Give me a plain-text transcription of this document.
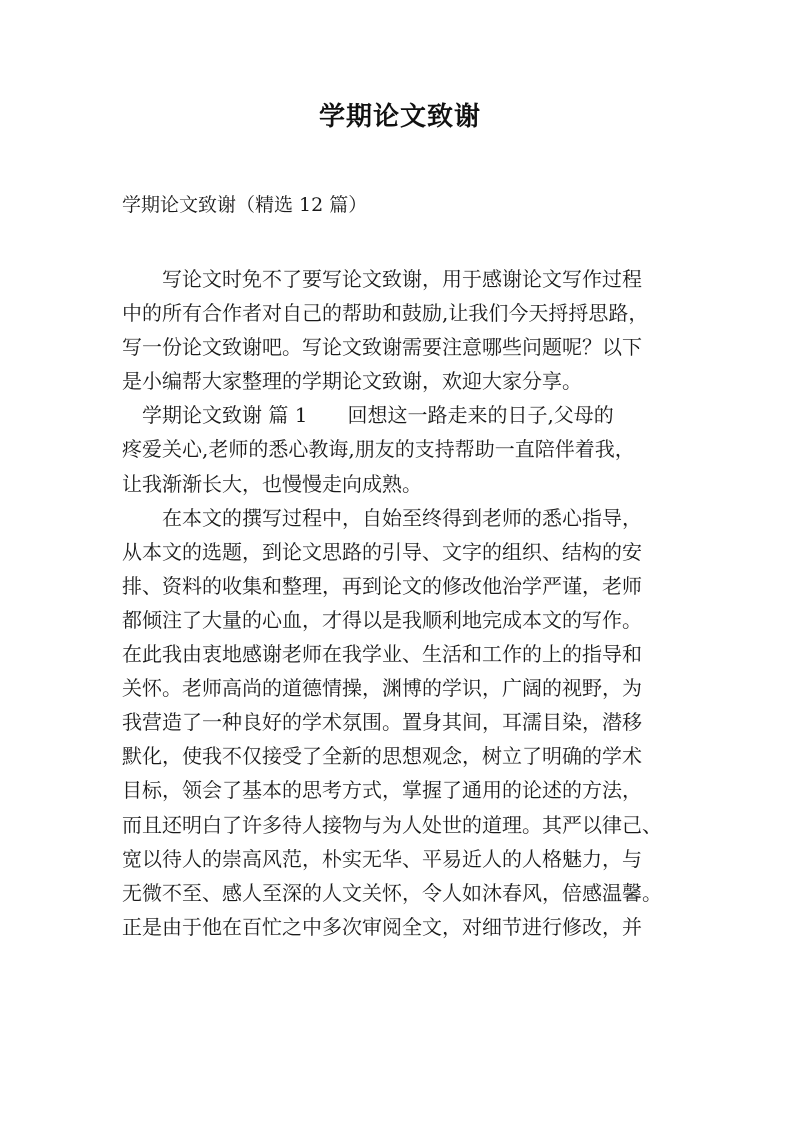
学期论文致谢
学期论文致谢（精选 12 篇）
　　写论文时免不了要写论文致谢，用于感谢论文写作过程
中的所有合作者对自己的帮助和鼓励,让我们今天捋捋思路，
写一份论文致谢吧。写论文致谢需要注意哪些问题呢？以下
是小编帮大家整理的学期论文致谢，欢迎大家分享。
　学期论文致谢 篇 1　　回想这一路走来的日子,父母的
疼爱关心,老师的悉心教诲,朋友的支持帮助一直陪伴着我，
让我渐渐长大，也慢慢走向成熟。
　　在本文的撰写过程中，自始至终得到老师的悉心指导，
从本文的选题，到论文思路的引导、文字的组织、结构的安
排、资料的收集和整理，再到论文的修改他治学严谨，老师
都倾注了大量的心血，才得以是我顺利地完成本文的写作。
在此我由衷地感谢老师在我学业、生活和工作的上的指导和
关怀。老师高尚的道德情操，渊博的学识，广阔的视野，为
我营造了一种良好的学术氛围。置身其间，耳濡目染，潜移
默化，使我不仅接受了全新的思想观念，树立了明确的学术
目标，领会了基本的思考方式，掌握了通用的论述的方法，
而且还明白了许多待人接物与为人处世的道理。其严以律己、
宽以待人的崇高风范，朴实无华、平易近人的人格魅力，与
无微不至、感人至深的人文关怀，令人如沐春风，倍感温馨。
正是由于他在百忙之中多次审阅全文，对细节进行修改，并
